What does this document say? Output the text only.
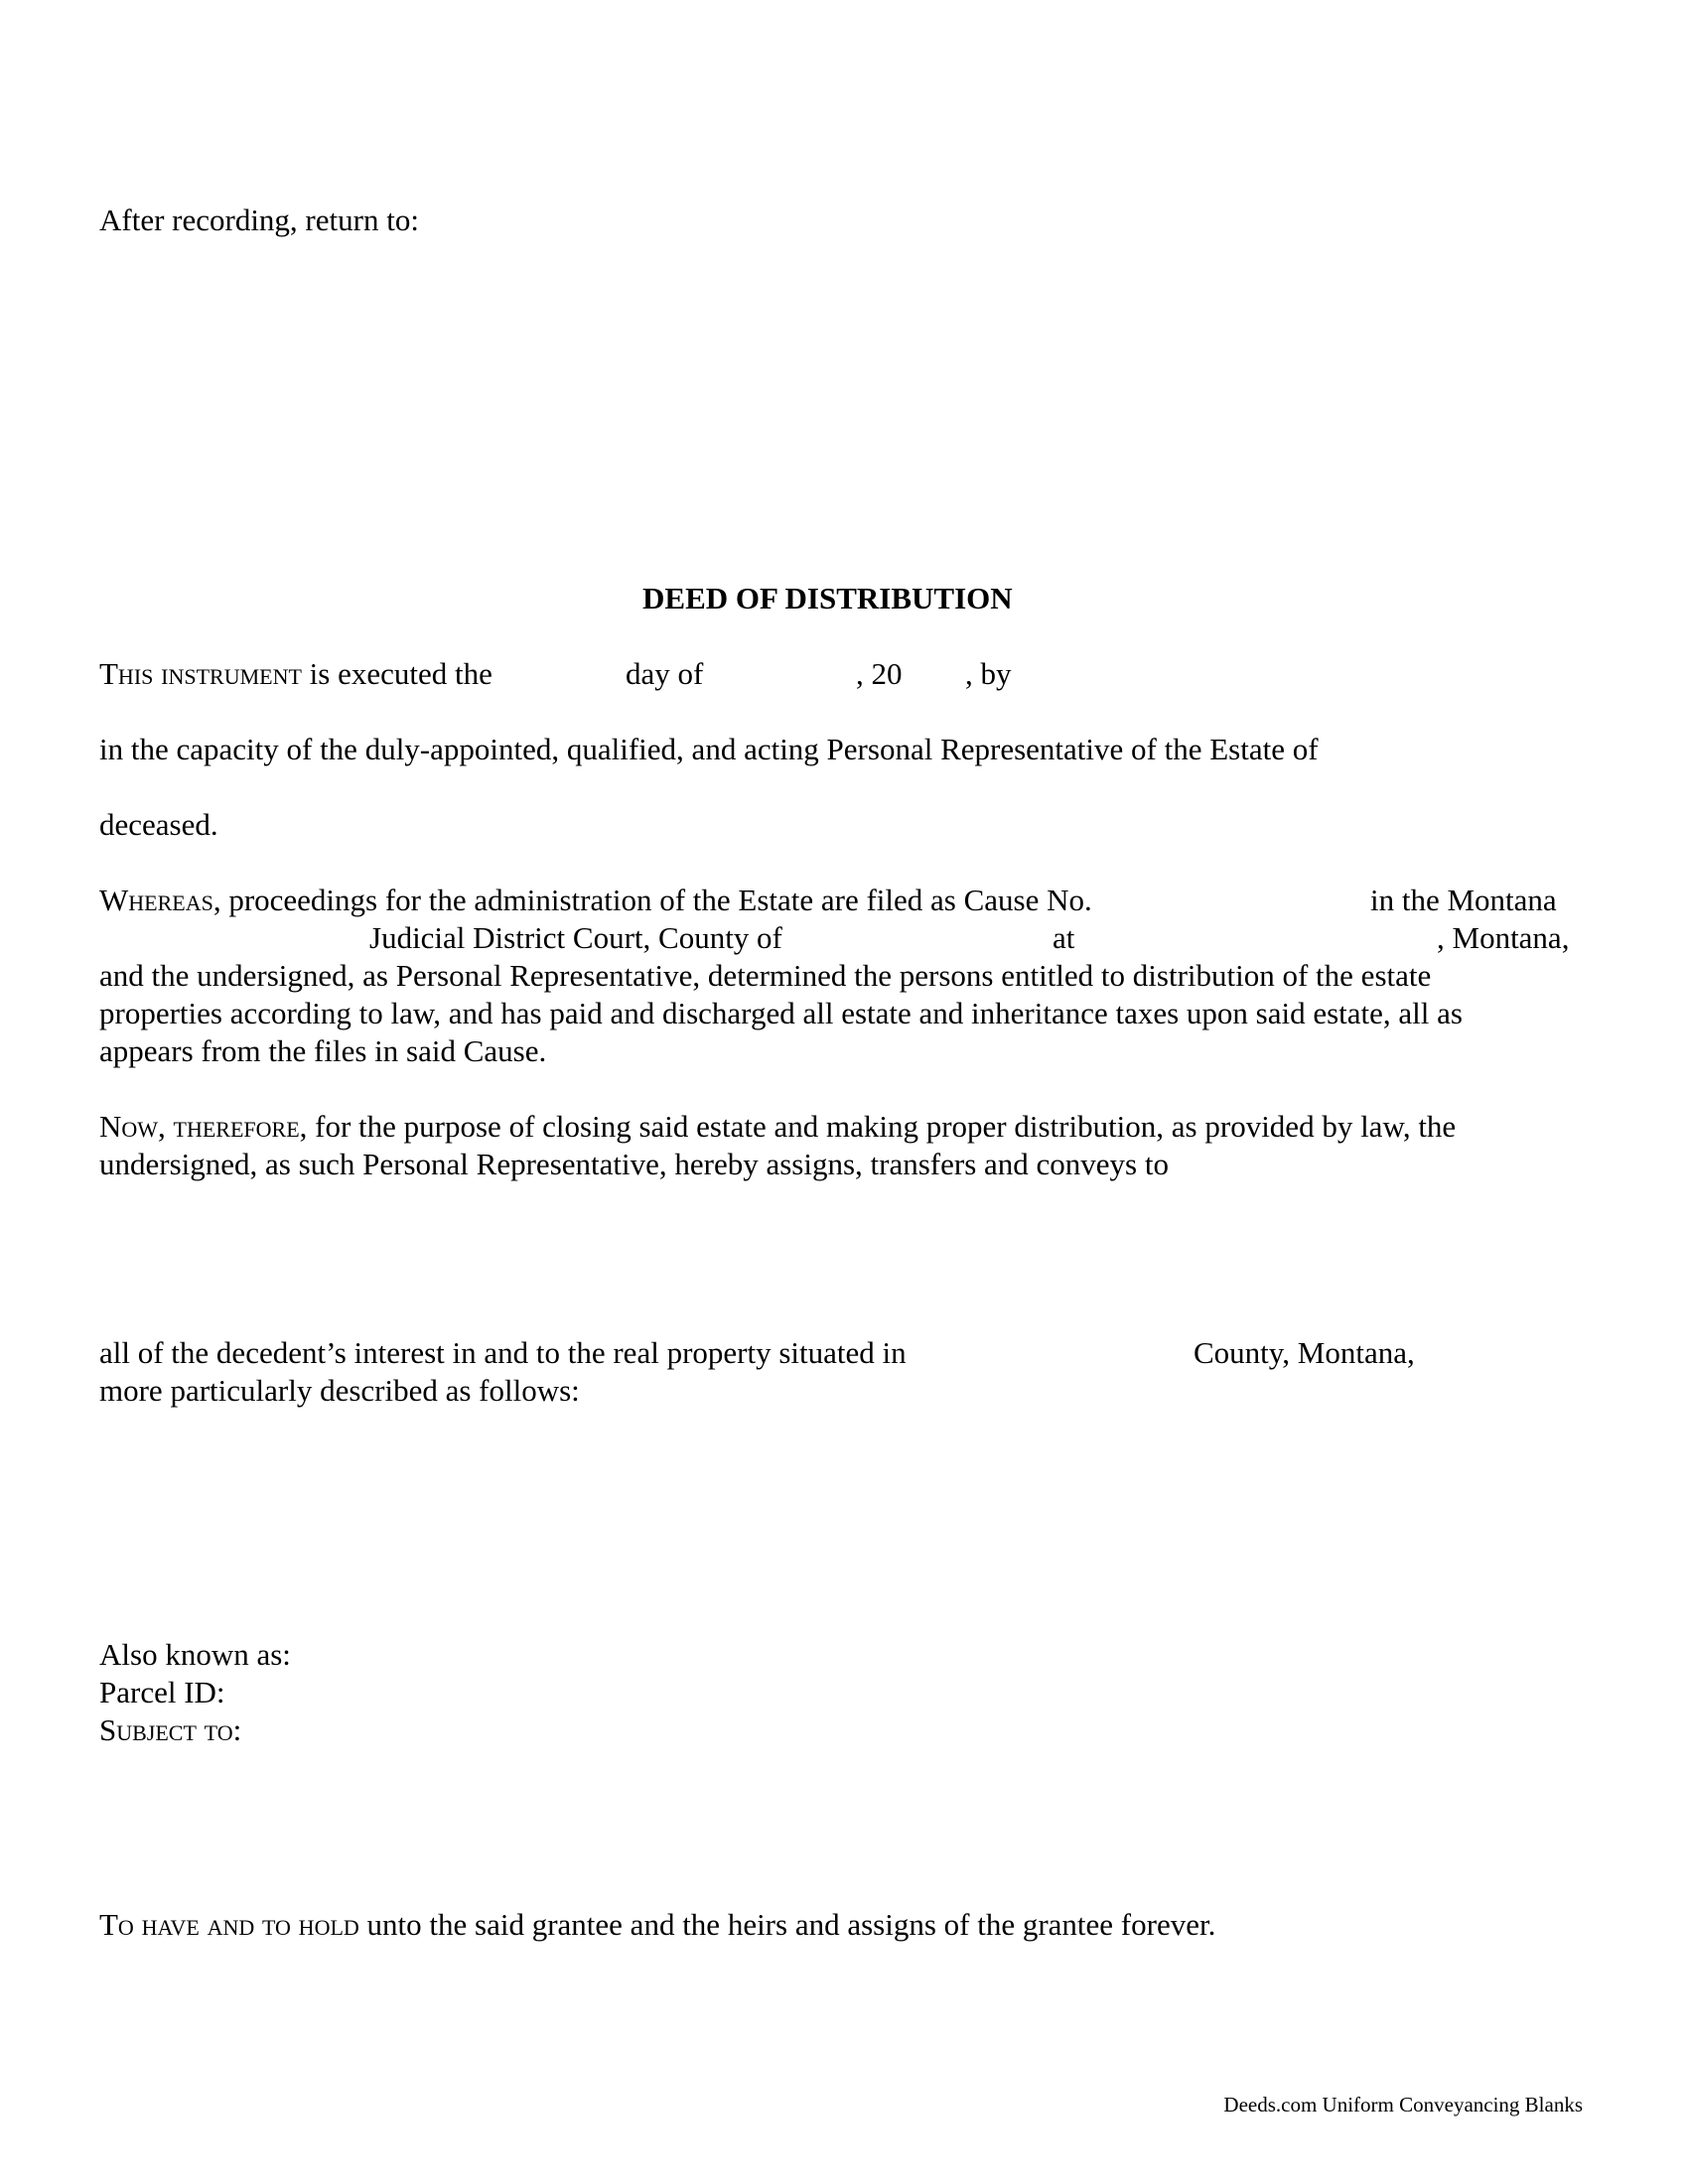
After recording, return to:
DEED OF DISTRIBUTION
This instrument is executed the	day of	, 20 , by
in the capacity of the duly-appointed, qualified, and acting Personal Representative of the Estate of
deceased.
Whereas, proceedings for the administration of the Estate are filed as Cause No.	in the Montana
Judicial District Court, County of	at	, Montana,
and the undersigned, as Personal Representative, determined the persons entitled to distribution of the estate
properties according to law, and has paid and discharged all estate and inheritance taxes upon said estate, all as
appears from the files in said Cause.
Now, therefore, for the purpose of closing said estate and making proper distribution, as provided by law, the
undersigned, as such Personal Representative, hereby assigns, transfers and conveys to
all of the decedent’s interest in and to the real property situated in	County, Montana,
more particularly described as follows:
Also known as:
Parcel ID:
Subject to:
To have and to hold unto the said grantee and the heirs and assigns of the grantee forever.
Deeds.com Uniform Conveyancing Blanks
